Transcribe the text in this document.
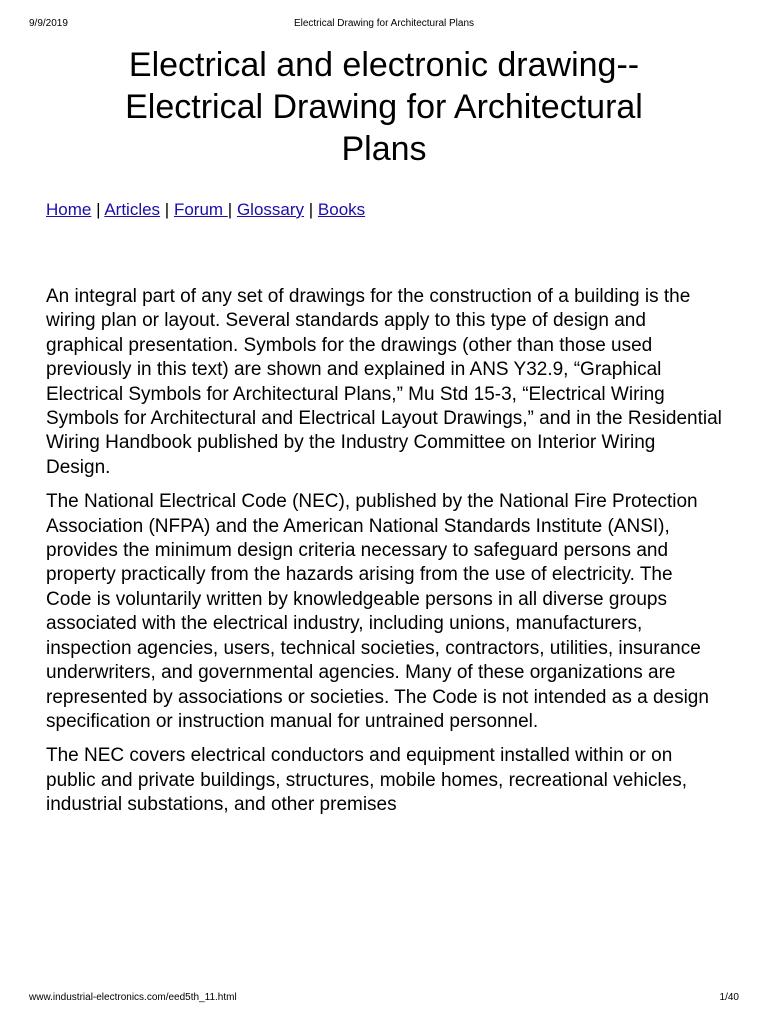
9/9/2019	Electrical Drawing for Architectural Plans
Electrical and electronic drawing--
Electrical Drawing for Architectural
Plans
Home | Articles | Forum | Glossary | Books

An integral part of any set of drawings for the construction of a building is the wiring plan or layout. Several standards apply to this type of design and graphical presentation. Symbols for the drawings (other than those used previously in this text) are shown and explained in ANS Y32.9, “Graphical Electrical Symbols for Architectural Plans,” Mu Std 15-3, “Electrical Wiring Symbols for Architectural and Electrical Layout Drawings,” and in the Residential Wiring Handbook published by the Industry Committee on Interior Wiring Design.

The National Electrical Code (NEC), published by the National Fire Protection Association (NFPA) and the American National Standards Institute (ANSI), provides the minimum design criteria necessary to safeguard persons and property practically from the hazards arising from the use of electricity. The Code is voluntarily written by knowledgeable persons in all diverse groups associated with the electrical industry, including unions, manufacturers, inspection agencies, users, technical societies, contractors, utilities, insurance underwriters, and governmental agencies. Many of these organizations are represented by associations or societies. The Code is not intended as a design specification or instruction manual for untrained personnel.

The NEC covers electrical conductors and equipment installed within or on public and private buildings, structures, mobile homes, recreational vehicles, industrial substations, and other premises

www.industrial-electronics.com/eed5th_11.html	1/40
